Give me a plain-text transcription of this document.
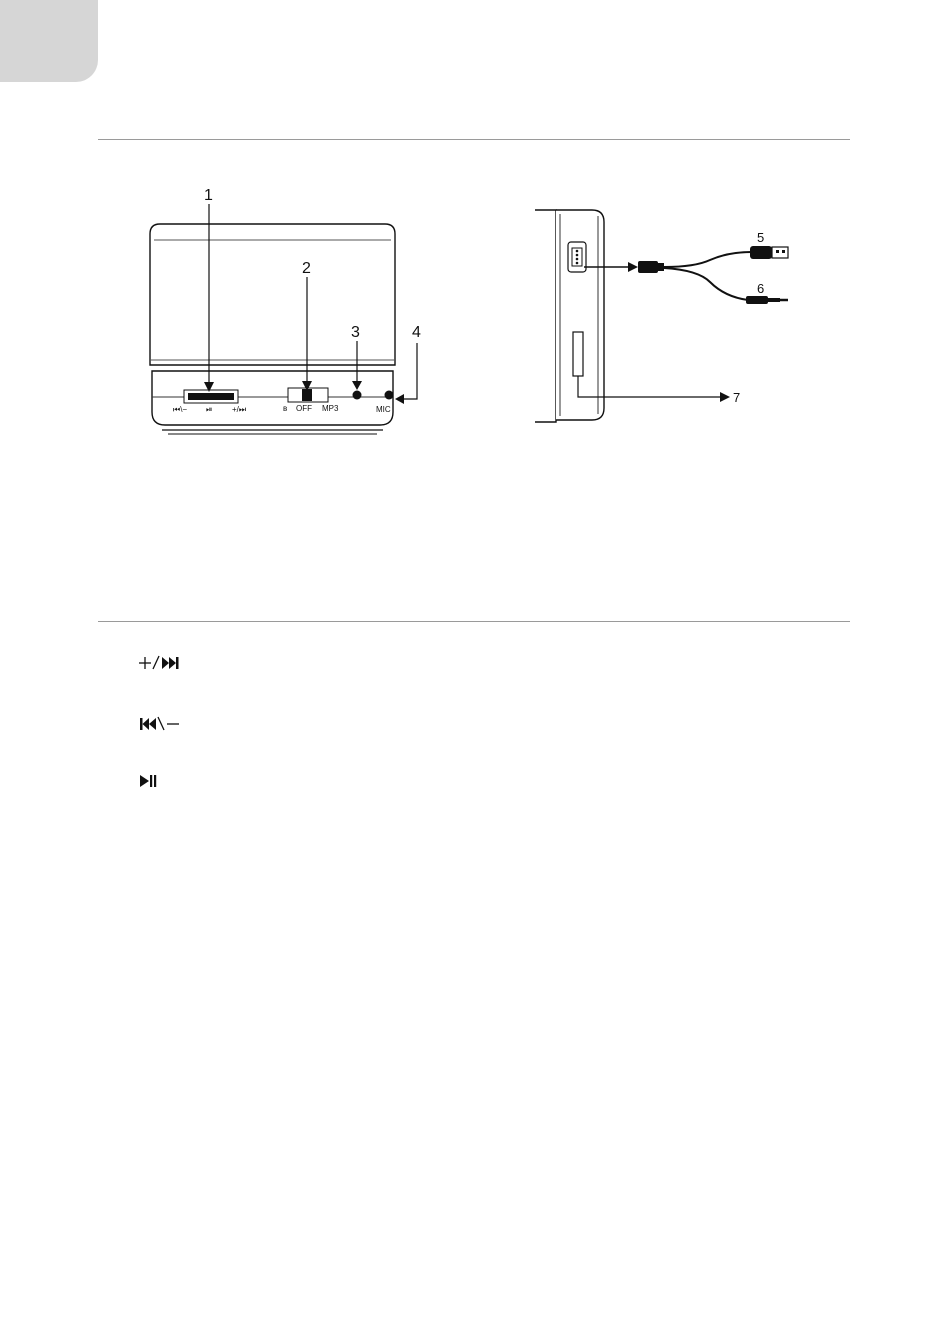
⏮\− ⏯ +/⏭	ʙ OFF MP3	MIC
1
2
3	4
5
6
7
